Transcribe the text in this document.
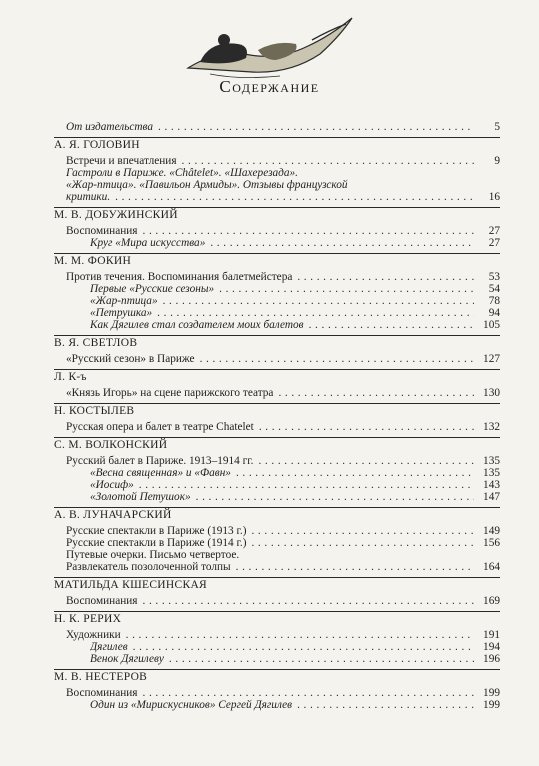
Содержание
От издательства . . .	5
А. Я. ГОЛОВИН
Встречи и впечатления . . .	9
Гастроли в Париже. «Châtelet». «Шахерезада».
«Жар-птица». «Павильон Армиды». Отзывы французской
критики. . . .	16
М. В. ДОБУЖИНСКИЙ
Воспоминания . . .	27
Круг «Мира искусства» . . .	27
М. М. ФОКИН
Против течения. Воспоминания балетмейстера . . .	53
Первые «Русские сезоны» . . .	54
«Жар-птица» . . .	78
«Петрушка» . . .	94
Как Дягилев стал создателем моих балетов . . .	105
В. Я. СВЕТЛОВ
«Русский сезон» в Париже . . .	127
Л. К-ъ
«Князь Игорь» на сцене парижского театра . . .	130
Н. КОСТЫЛЕВ
Русская опера и балет в театре Chatelet . . .	132
С. М. ВОЛКОНСКИЙ
Русский балет в Париже. 1913–1914 гг. . . .	135
«Весна священная» и «Фавн» . . .	135
«Иосиф» . . .	143
«Золотой Петушок» . . .	147
А. В. ЛУНАЧАРСКИЙ
Русские спектакли в Париже (1913 г.) . . .	149
Русские спектакли в Париже (1914 г.) . . .	156
Путевые очерки. Письмо четвертое.
Развлекатель позолоченной толпы . . .	164
МАТИЛЬДА КШЕСИНСКАЯ
Воспоминания . . .	169
Н. К. РЕРИХ
Художники . . .	191
Дягилев . . .	194
Венок Дягилеву . . .	196
М. В. НЕСТЕРОВ
Воспоминания . . .	199
Один из «Мирискусников» Сергей Дягилев . . .	199
